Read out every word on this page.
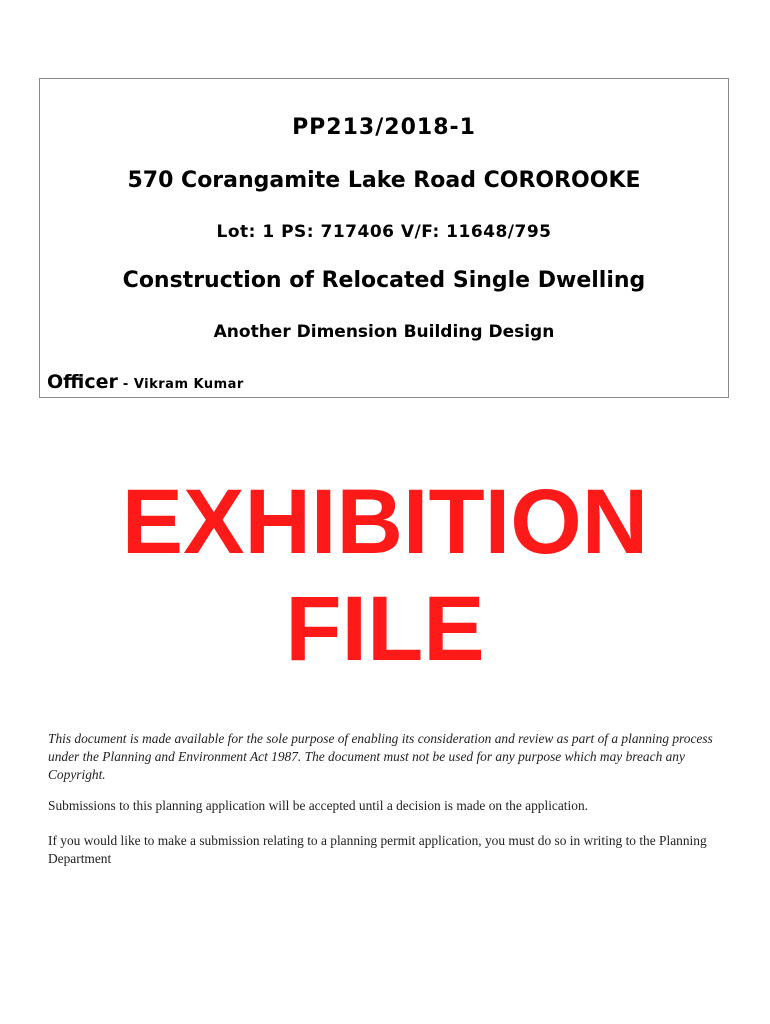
PP213/2018-1
570 Corangamite Lake Road COROROOKE
Lot: 1 PS: 717406 V/F: 11648/795
Construction of Relocated Single Dwelling
Another Dimension Building Design
Officer - Vikram Kumar
EXHIBITION
FILE

This document is made available for the sole purpose of enabling its consideration and review as part of a planning process under the Planning and Environment Act 1987. The document must not be used for any purpose which may breach any Copyright.

Submissions to this planning application will be accepted until a decision is made on the application.

If you would like to make a submission relating to a planning permit application, you must do so in writing to the Planning Department
